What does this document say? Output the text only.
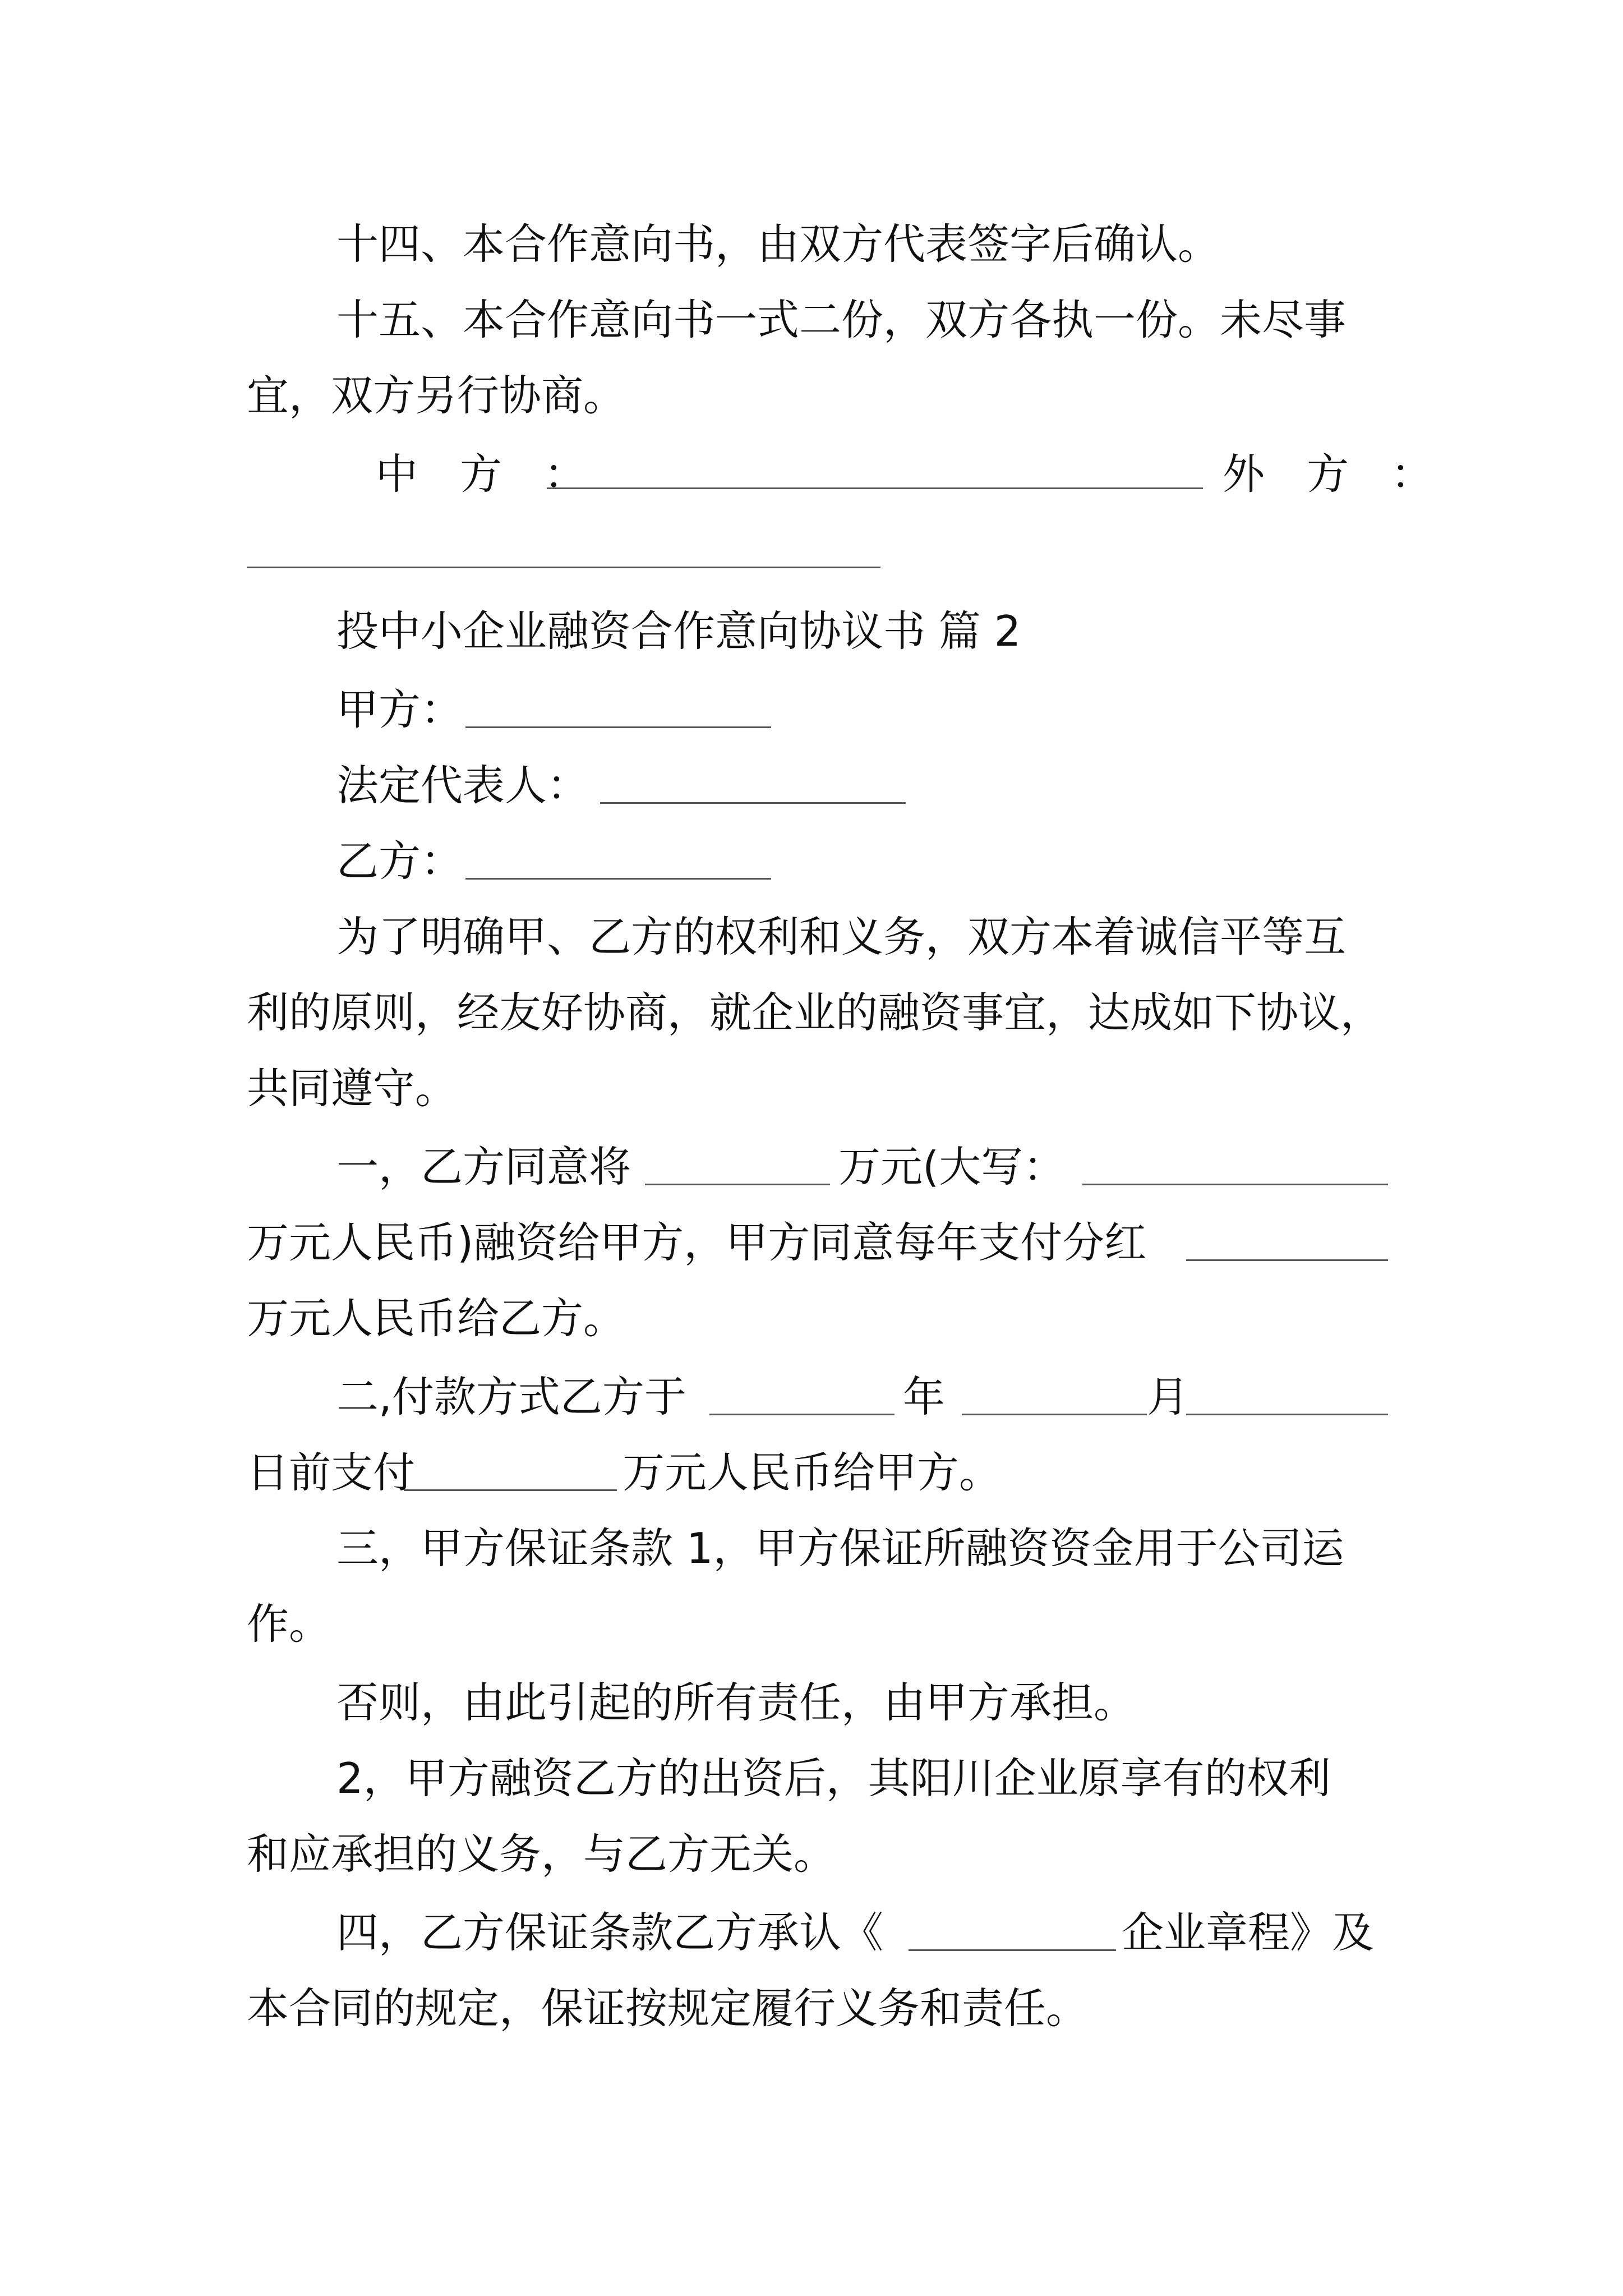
十四、本合作意向书，由双方代表签字后确认。
十五、本合作意向书一式二份，双方各执一份。未尽事
宜，双方另行协商。
中　方　：	外　方　：
投中小企业融资合作意向协议书 篇 2
甲方：
法定代表人：
乙方：
为了明确甲、乙方的权利和义务，双方本着诚信平等互
利的原则，经友好协商，就企业的融资事宜，达成如下协议，
共同遵守。
一，乙方同意将	万元(大写：
万元人民币)融资给甲方，甲方同意每年支付分红
万元人民币给乙方。
二,付款方式乙方于	年	月
日前支付	万元人民币给甲方。
三，甲方保证条款 1，甲方保证所融资资金用于公司运
作。
否则，由此引起的所有责任，由甲方承担。
2，甲方融资乙方的出资后，其阳川企业原享有的权利
和应承担的义务，与乙方无关。
四，乙方保证条款乙方承认《	企业章程》及
本合同的规定，保证按规定履行义务和责任。
